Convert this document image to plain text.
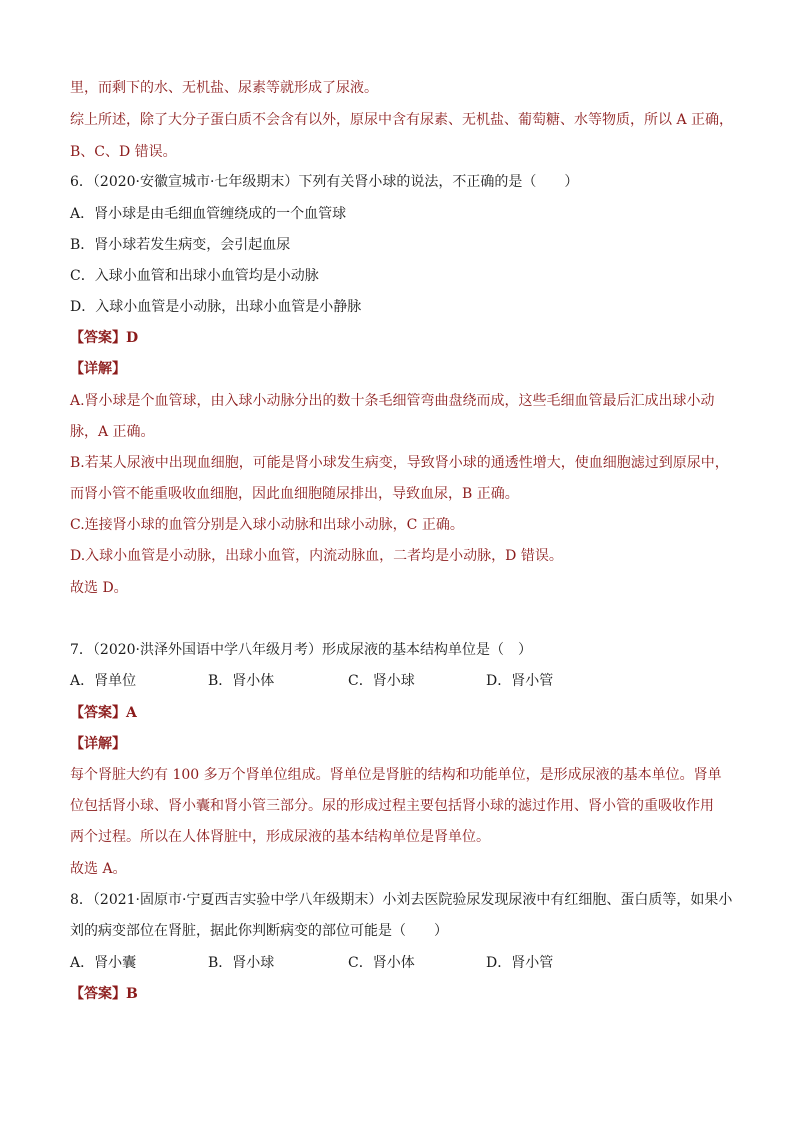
里，而剩下的水、无机盐、尿素等就形成了尿液。
综上所述，除了大分子蛋白质不会含有以外，原尿中含有尿素、无机盐、葡萄糖、水等物质，所以 A 正确，
B、C、D 错误。
6．（2020·安徽宣城市·七年级期末）下列有关肾小球的说法，不正确的是（　　）
A．肾小球是由毛细血管缠绕成的一个血管球
B．肾小球若发生病变，会引起血尿
C．入球小血管和出球小血管均是小动脉
D．入球小血管是小动脉，出球小血管是小静脉
【答案】D
【详解】
A.肾小球是个血管球，由入球小动脉分出的数十条毛细管弯曲盘绕而成，这些毛细血管最后汇成出球小动
脉，A 正确。
B.若某人尿液中出现血细胞，可能是肾小球发生病变，导致肾小球的通透性增大，使血细胞滤过到原尿中，
而肾小管不能重吸收血细胞，因此血细胞随尿排出，导致血尿，B 正确。
C.连接肾小球的血管分别是入球小动脉和出球小动脉，C 正确。
D.入球小血管是小动脉，出球小血管，内流动脉血，二者均是小动脉，D 错误。
故选 D。
7．（2020·洪泽外国语中学八年级月考）形成尿液的基本结构单位是（　）
A．肾单位	B．肾小体	C．肾小球	D．肾小管
【答案】A
【详解】
每个肾脏大约有 100 多万个肾单位组成。肾单位是肾脏的结构和功能单位，是形成尿液的基本单位。肾单
位包括肾小球、肾小囊和肾小管三部分。尿的形成过程主要包括肾小球的滤过作用、肾小管的重吸收作用
两个过程。所以在人体肾脏中，形成尿液的基本结构单位是肾单位。
故选 A。
8．（2021·固原市·宁夏西吉实验中学八年级期末）小刘去医院验尿发现尿液中有红细胞、蛋白质等，如果小
刘的病变部位在肾脏，据此你判断病变的部位可能是（　　）
A．肾小囊	B．肾小球	C．肾小体	D．肾小管
【答案】B
